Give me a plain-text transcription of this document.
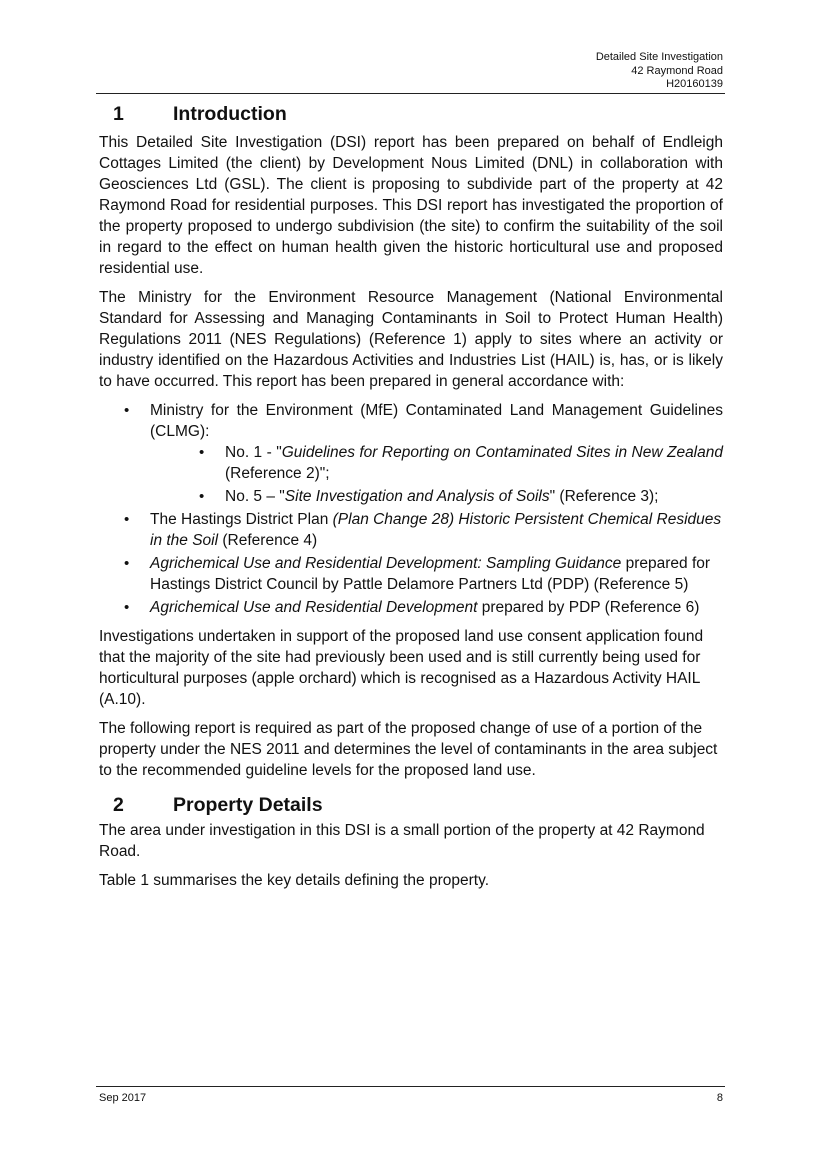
Detailed Site Investigation
42 Raymond Road
H20160139
1	Introduction

This Detailed Site Investigation (DSI) report has been prepared on behalf of Endleigh Cottages Limited (the client) by Development Nous Limited (DNL) in collaboration with Geosciences Ltd (GSL). The client is proposing to subdivide part of the property at 42 Raymond Road for residential purposes. This DSI report has investigated the proportion of the property proposed to undergo subdivision (the site) to confirm the suitability of the soil in regard to the effect on human health given the historic horticultural use and proposed residential use.

The Ministry for the Environment Resource Management (National Environmental Standard for Assessing and Managing Contaminants in Soil to Protect Human Health) Regulations 2011 (NES Regulations) (Reference 1) apply to sites where an activity or industry identified on the Hazardous Activities and Industries List (HAIL) is, has, or is likely to have occurred. This report has been prepared in general accordance with:

• Ministry for the Environment (MfE) Contaminated Land Management Guidelines (CLMG):
• No. 1 - "Guidelines for Reporting on Contaminated Sites in New Zealand (Reference 2)";
• No. 5 – "Site Investigation and Analysis of Soils" (Reference 3);
• The Hastings District Plan (Plan Change 28) Historic Persistent Chemical Residues in the Soil (Reference 4)
• Agrichemical Use and Residential Development: Sampling Guidance prepared for Hastings District Council by Pattle Delamore Partners Ltd (PDP) (Reference 5)
• Agrichemical Use and Residential Development prepared by PDP (Reference 6)

Investigations undertaken in support of the proposed land use consent application found that the majority of the site had previously been used and is still currently being used for horticultural purposes (apple orchard) which is recognised as a Hazardous Activity HAIL (A.10).

The following report is required as part of the proposed change of use of a portion of the property under the NES 2011 and determines the level of contaminants in the area subject to the recommended guideline levels for the proposed land use.

2	Property Details

The area under investigation in this DSI is a small portion of the property at 42 Raymond Road.

Table 1 summarises the key details defining the property.

Sep 2017	8
